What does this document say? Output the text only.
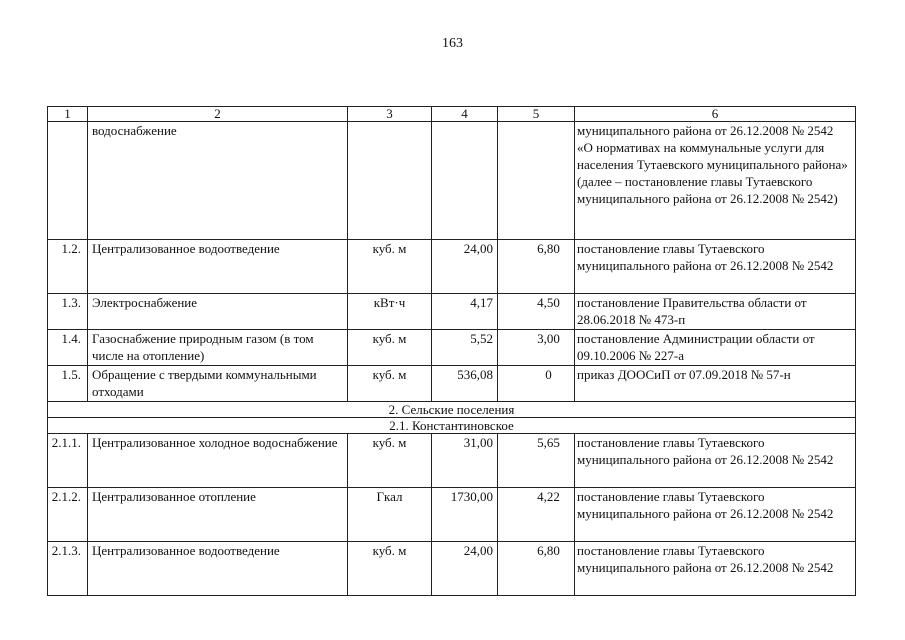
163
1	2	3	4	5	6
	водоснабжение				муниципального района от 26.12.2008 № 2542 «О нормативах на коммунальные услуги для населения Тутаевского муниципального района» (далее – постановление главы Тутаевского муниципального района от 26.12.2008 № 2542)
1.2.	Централизованное водоотведение	куб. м	24,00	6,80	постановление главы Тутаевского муниципального района от 26.12.2008 № 2542
1.3.	Электроснабжение	кВт·ч	4,17	4,50	постановление Правительства области от 28.06.2018 № 473-п
1.4.	Газоснабжение природным газом (в том числе на отопление)	куб. м	5,52	3,00	постановление Администрации области от 09.10.2006 № 227-а
1.5.	Обращение с твердыми коммунальными отходами	куб. м	536,08	0	приказ ДООСиП от 07.09.2018 № 57-н
2. Сельские поселения					
2.1. Константиновское					
2.1.1.	Централизованное холодное водоснабжение	куб. м	31,00	5,65	постановление главы Тутаевского муниципального района от 26.12.2008 № 2542
2.1.2.	Централизованное отопление	Гкал	1730,00	4,22	постановление главы Тутаевского муниципального района от 26.12.2008 № 2542
2.1.3.	Централизованное водоотведение	куб. м	24,00	6,80	постановление главы Тутаевского муниципального района от 26.12.2008 № 2542
